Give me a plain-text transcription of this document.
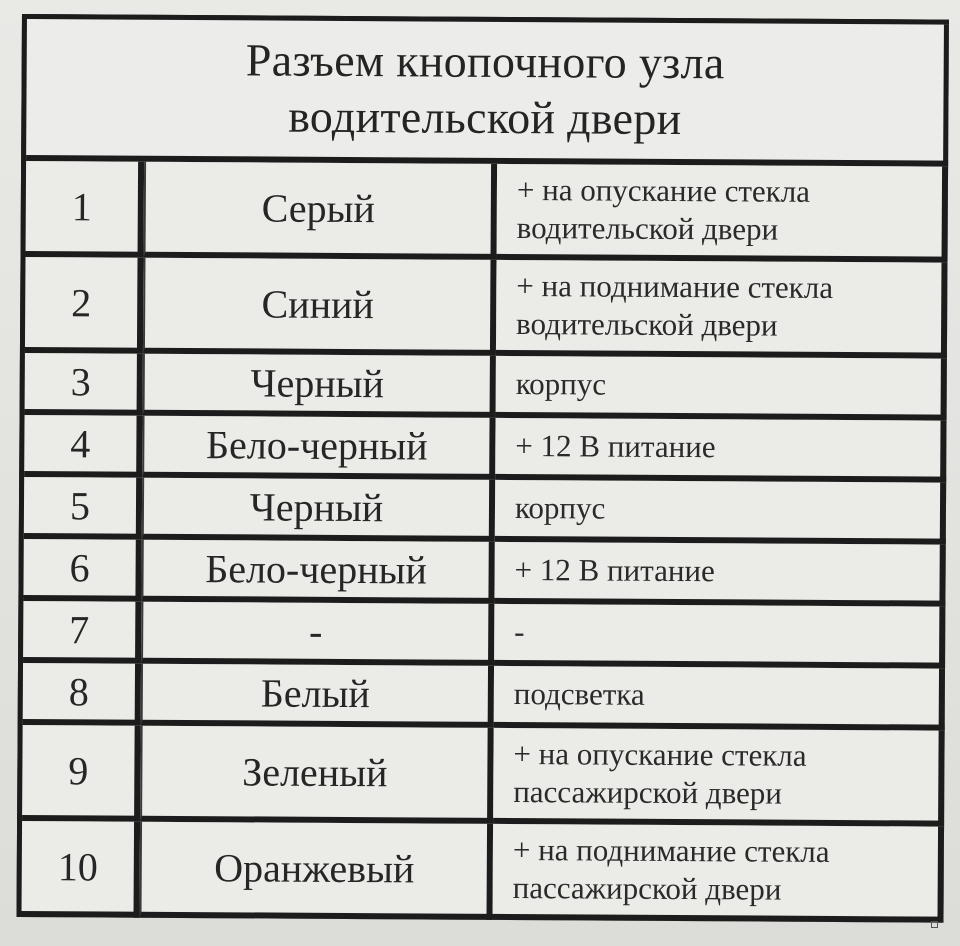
Разъем кнопочного узла
водительской двери
1	Серый	+ на опускание стекла
водительской двери
2	Синий	+ на поднимание стекла
водительской двери
3	Черный	корпус
4	Бело-черный	+ 12 В питание
5	Черный	корпус
6	Бело-черный	+ 12 В питание
7	-	-
8	Белый	подсветка
9	Зеленый	+ на опускание стекла
пассажирской двери
10	Оранжевый	+ на поднимание стекла
пассажирской двери
